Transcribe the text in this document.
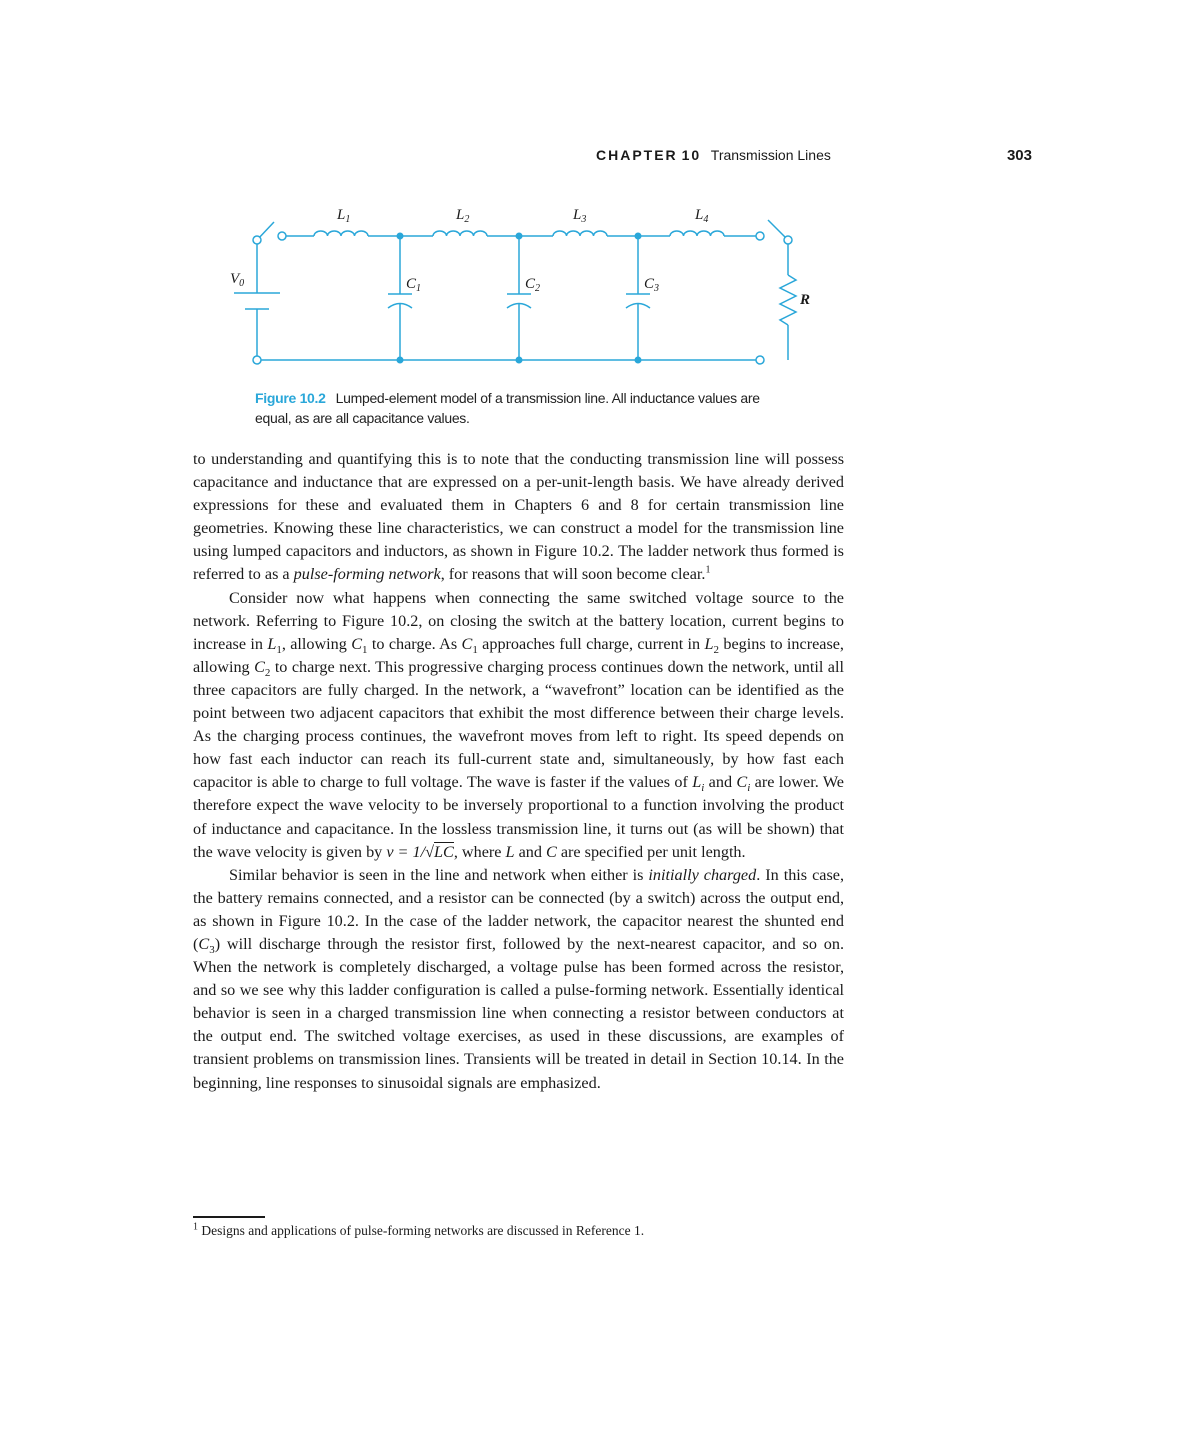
CHAPTER 10 Transmission Lines	303
$L_1$	$L_2$	$L_3$	$L_4$
$V_0$	$C_1$	$C_2$	$C_3$
R
Figure 10.2 Lumped-element model of a transmission line. All inductance values are equal, as are all capacitance values.

to understanding and quantifying this is to note that the conducting transmission line will possess capacitance and inductance that are expressed on a per-unit-length basis. We have already derived expressions for these and evaluated them in Chapters 6 and 8 for certain transmission line geometries. Knowing these line characteristics, we can construct a model for the transmission line using lumped capacitors and inductors, as shown in Figure 10.2. The ladder network thus formed is referred to as a pulse-forming network, for reasons that will soon become clear.$^1$

Consider now what happens when connecting the same switched voltage source to the network. Referring to Figure 10.2, on closing the switch at the battery location, current begins to increase in $L_1$, allowing $C_1$ to charge. As $C_1$ approaches full charge, current in $L_2$ begins to increase, allowing $C_2$ to charge next. This progressive charging process continues down the network, until all three capacitors are fully charged. In the network, a “wavefront” location can be identified as the point between two adjacent capacitors that exhibit the most difference between their charge levels. As the charging process continues, the wavefront moves from left to right. Its speed depends on how fast each inductor can reach its full-current state and, simultaneously, by how fast each capacitor is able to charge to full voltage. The wave is faster if the values of $L_i$ and $C_i$ are lower. We therefore expect the wave velocity to be inversely proportional to a function involving the product of inductance and capacitance. In the lossless transmission line, it turns out (as will be shown) that the wave velocity is given by v = 1/√LC, where L and C are specified per unit length.

Similar behavior is seen in the line and network when either is initially charged. In this case, the battery remains connected, and a resistor can be connected (by a switch) across the output end, as shown in Figure 10.2. In the case of the ladder network, the capacitor nearest the shunted end $(C_3)$ will discharge through the resistor first, followed by the next-nearest capacitor, and so on. When the network is completely discharged, a voltage pulse has been formed across the resistor, and so we see why this ladder configuration is called a pulse-forming network. Essentially identical behavior is seen in a charged transmission line when connecting a resistor between conductors at the output end. The switched voltage exercises, as used in these discussions, are examples of transient problems on transmission lines. Transients will be treated in detail in Section 10.14. In the beginning, line responses to sinusoidal signals are emphasized.

$^1$ Designs and applications of pulse-forming networks are discussed in Reference 1.
